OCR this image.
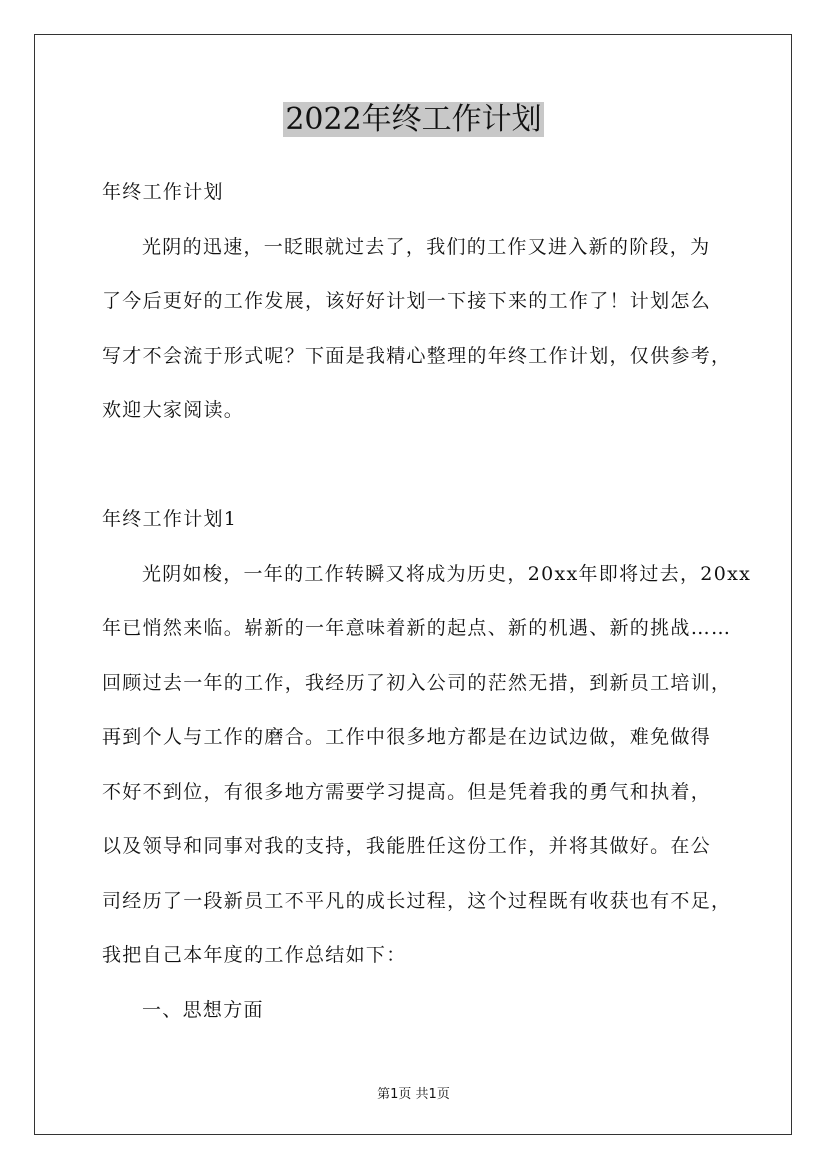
2022年终工作计划
年终工作计划
光阴的迅速，一眨眼就过去了，我们的工作又进入新的阶段，为
了今后更好的工作发展，该好好计划一下接下来的工作了！计划怎么
写才不会流于形式呢？下面是我精心整理的年终工作计划，仅供参考，
欢迎大家阅读。
年终工作计划1
光阴如梭，一年的工作转瞬又将成为历史，20xx年即将过去，20xx
年已悄然来临。崭新的一年意味着新的起点、新的机遇、新的挑战……
回顾过去一年的工作，我经历了初入公司的茫然无措，到新员工培训，
再到个人与工作的磨合。工作中很多地方都是在边试边做，难免做得
不好不到位，有很多地方需要学习提高。但是凭着我的勇气和执着，
以及领导和同事对我的支持，我能胜任这份工作，并将其做好。在公
司经历了一段新员工不平凡的成长过程，这个过程既有收获也有不足，
我把自己本年度的工作总结如下：
一、思想方面
第1页 共1页
